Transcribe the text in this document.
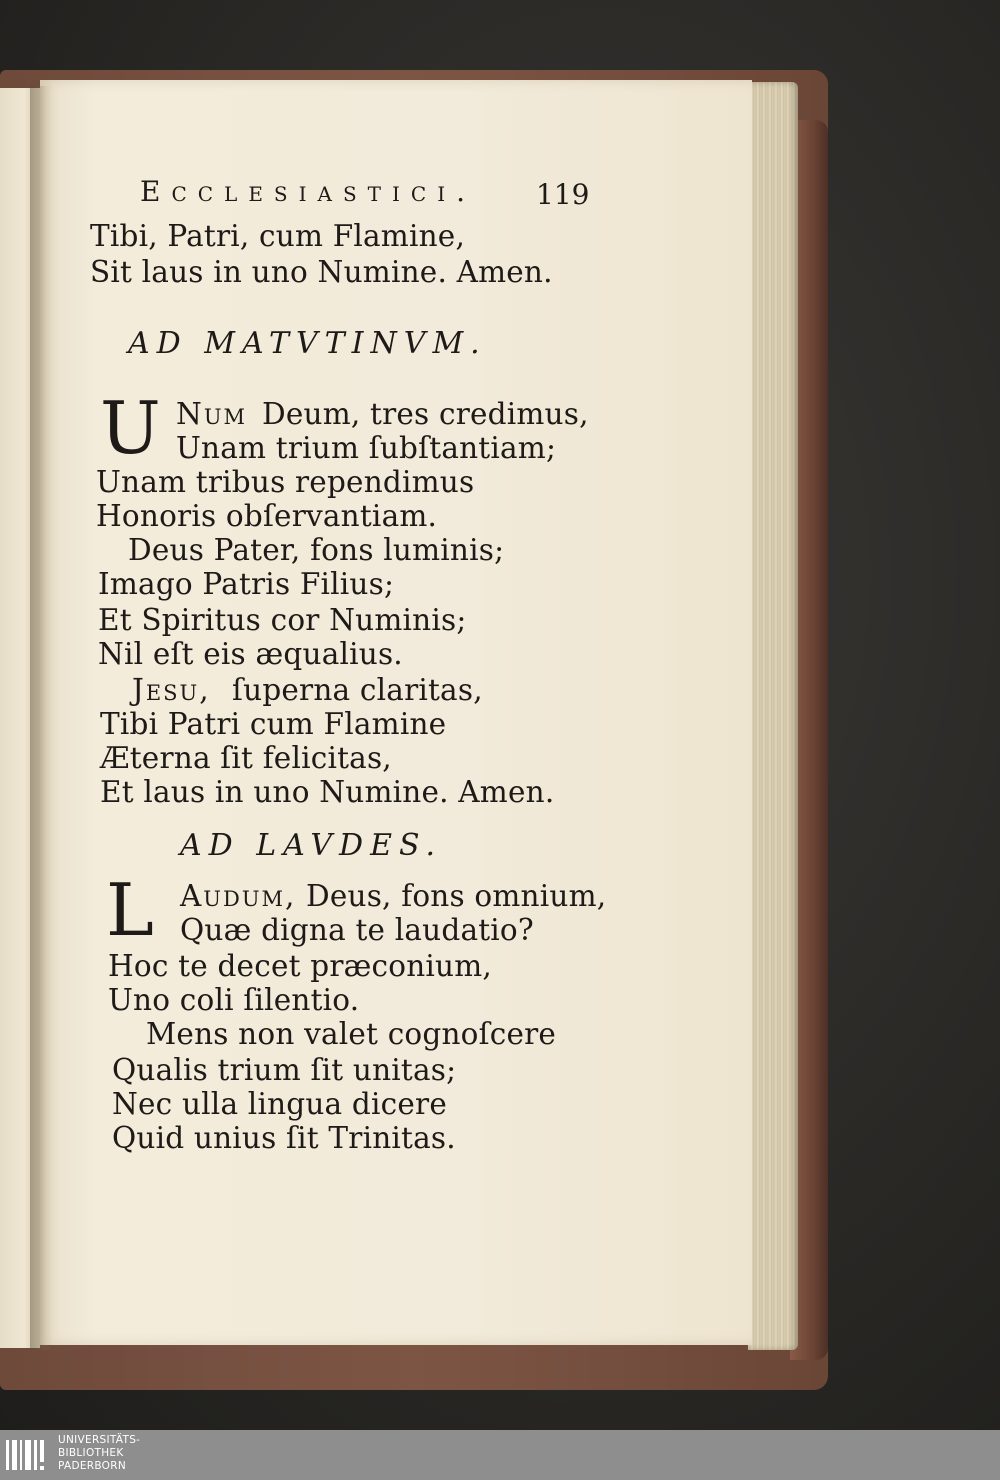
Ecclesiastici. 119
Tibi, Patri, cum Flamine,
Sit laus in uno Numine. Amen.
AD MATVTINVM.
U Num Deum, tres credimus,
Unam trium ſubſtantiam;
Unam tribus rependimus
Honoris obſervantiam.
Deus Pater, fons luminis;
Imago Patris Filius;
Et Spiritus cor Numinis;
Nil eſt eis æqualius.
Jesu, ſuperna claritas,
Tibi Patri cum Flamine
Æterna ſit felicitas,
Et laus in uno Numine. Amen.
AD LAVDES.
L Audum, Deus, fons omnium,
Quæ digna te laudatio?
Hoc te decet præconium,
Uno coli ſilentio.
Mens non valet cognoſcere
Qualis trium ſit unitas;
Nec ulla lingua dicere
Quid unius ſit Trinitas.
UNIVERSITÄTS-
BIBLIOTHEK
PADERBORN
